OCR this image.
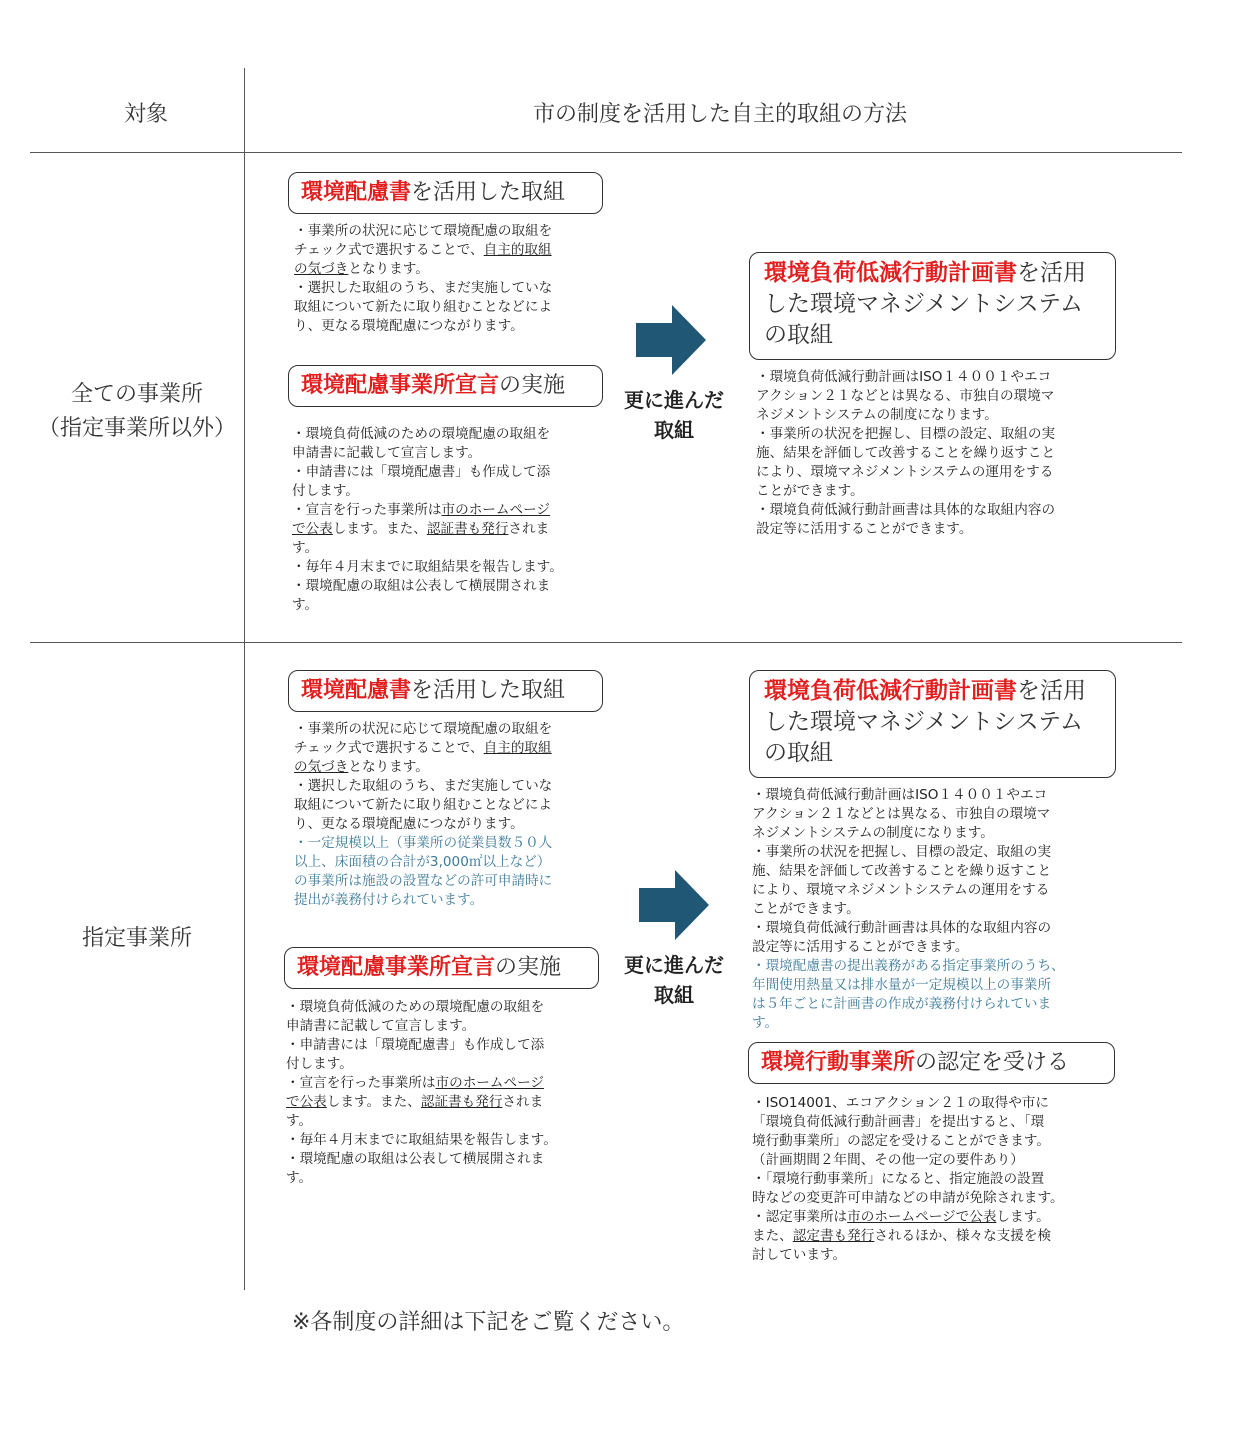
対象	市の制度を活用した自主的取組の方法
全ての事業所
（指定事業所以外）
環境配慮書を活用した取組
・事業所の状況に応じて環境配慮の取組を
チェック式で選択することで、自主的取組
の気づきとなります。
・選択した取組のうち、まだ実施していな
取組について新たに取り組むことなどによ
り、更なる環境配慮につながります。
環境配慮事業所宣言の実施
・環境負荷低減のための環境配慮の取組を
申請書に記載して宣言します。
・申請書には「環境配慮書」も作成して添
付します。
・宣言を行った事業所は市のホームページ
で公表します。また、認証書も発行されま
す。
・毎年４月末までに取組結果を報告します。
・環境配慮の取組は公表して横展開されま
す。
更に進んだ
取組
環境負荷低減行動計画書を活用
した環境マネジメントシステム
の取組
・環境負荷低減行動計画はISO１４００１やエコ
アクション２１などとは異なる、市独自の環境マ
ネジメントシステムの制度になります。
・事業所の状況を把握し、目標の設定、取組の実
施、結果を評価して改善することを繰り返すこと
により、環境マネジメントシステムの運用をする
ことができます。
・環境負荷低減行動計画書は具体的な取組内容の
設定等に活用することができます。
指定事業所
環境配慮書を活用した取組
・事業所の状況に応じて環境配慮の取組を
チェック式で選択することで、自主的取組
の気づきとなります。
・選択した取組のうち、まだ実施していな
取組について新たに取り組むことなどによ
り、更なる環境配慮につながります。
・一定規模以上（事業所の従業員数５０人
以上、床面積の合計が3,000㎡以上など）
の事業所は施設の設置などの許可申請時に
提出が義務付けられています。
環境配慮事業所宣言の実施
・環境負荷低減のための環境配慮の取組を
申請書に記載して宣言します。
・申請書には「環境配慮書」も作成して添
付します。
・宣言を行った事業所は市のホームページ
で公表します。また、認証書も発行されま
す。
・毎年４月末までに取組結果を報告します。
・環境配慮の取組は公表して横展開されま
す。
更に進んだ
取組
環境負荷低減行動計画書を活用
した環境マネジメントシステム
の取組
・環境負荷低減行動計画はISO１４００１やエコ
アクション２１などとは異なる、市独自の環境マ
ネジメントシステムの制度になります。
・事業所の状況を把握し、目標の設定、取組の実
施、結果を評価して改善することを繰り返すこと
により、環境マネジメントシステムの運用をする
ことができます。
・環境負荷低減行動計画書は具体的な取組内容の
設定等に活用することができます。
・環境配慮書の提出義務がある指定事業所のうち、
年間使用熱量又は排水量が一定規模以上の事業所
は５年ごとに計画書の作成が義務付けられていま
す。
環境行動事業所の認定を受ける
・ISO14001、エコアクション２１の取得や市に
「環境負荷低減行動計画書」を提出すると、「環
境行動事業所」の認定を受けることができます。
（計画期間２年間、その他一定の要件あり）
・「環境行動事業所」になると、指定施設の設置
時などの変更許可申請などの申請が免除されます。
・認定事業所は市のホームページで公表します。
また、認定書も発行されるほか、様々な支援を検
討しています。
※各制度の詳細は下記をご覧ください。
